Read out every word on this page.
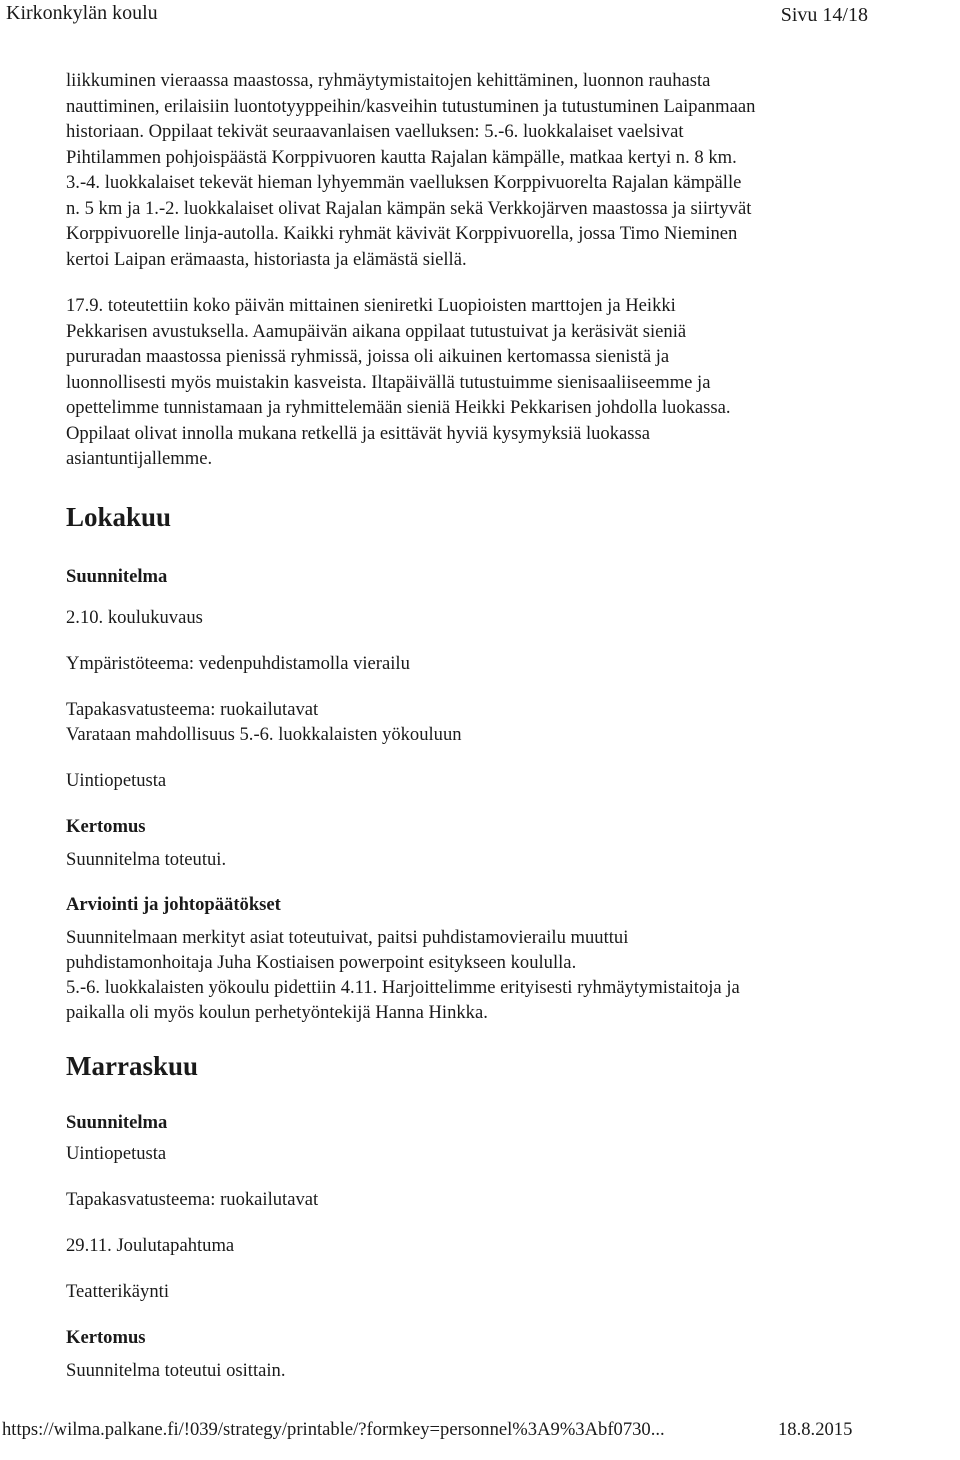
Kirkonkylän koulu	Sivu 14/18

liikkuminen vieraassa maastossa, ryhmäytymistaitojen kehittäminen, luonnon rauhasta
nauttiminen, erilaisiin luontotyyppeihin/kasveihin tutustuminen ja tutustuminen Laipanmaan
historiaan. Oppilaat tekivät seuraavanlaisen vaelluksen: 5.-6. luokkalaiset vaelsivat
Pihtilammen pohjoispäästä Korppivuoren kautta Rajalan kämpälle, matkaa kertyi n. 8 km.
3.-4. luokkalaiset tekevät hieman lyhyemmän vaelluksen Korppivuorelta Rajalan kämpälle
n. 5 km ja 1.-2. luokkalaiset olivat Rajalan kämpän sekä Verkkojärven maastossa ja siirtyvät
Korppivuorelle linja-autolla. Kaikki ryhmät kävivät Korppivuorella, jossa Timo Nieminen
kertoi Laipan erämaasta, historiasta ja elämästä siellä.

17.9. toteutettiin koko päivän mittainen sieniretki Luopioisten marttojen ja Heikki
Pekkarisen avustuksella. Aamupäivän aikana oppilaat tutustuivat ja keräsivät sieniä
pururadan maastossa pienissä ryhmissä, joissa oli aikuinen kertomassa sienistä ja
luonnollisesti myös muistakin kasveista. Iltapäivällä tutustuimme sienisaaliiseemme ja
opettelimme tunnistamaan ja ryhmittelemään sieniä Heikki Pekkarisen johdolla luokassa.
Oppilaat olivat innolla mukana retkellä ja esittävät hyviä kysymyksiä luokassa
asiantuntijallemme.

Lokakuu
Suunnitelma

2.10. koulukuvaus

Ympäristöteema: vedenpuhdistamolla vierailu

Tapakasvatusteema: ruokailutavat

Varataan mahdollisuus 5.-6. luokkalaisten yökouluun

Uintiopetusta

Kertomus

Suunnitelma toteutui.

Arviointi ja johtopäätökset

Suunnitelmaan merkityt asiat toteutuivat, paitsi puhdistamovierailu muuttui
puhdistamonhoitaja Juha Kostiaisen powerpoint esitykseen koululla.
5.-6. luokkalaisten yökoulu pidettiin 4.11. Harjoittelimme erityisesti ryhmäytymistaitoja ja
paikalla oli myös koulun perhetyöntekijä Hanna Hinkka.

Marraskuu
Suunnitelma

Uintiopetusta

Tapakasvatusteema: ruokailutavat

29.11. Joulutapahtuma

Teatterikäynti

Kertomus

Suunnitelma toteutui osittain.

https://wilma.palkane.fi/!039/strategy/printable/?formkey=personnel%3A9%3Abf0730...	18.8.2015
